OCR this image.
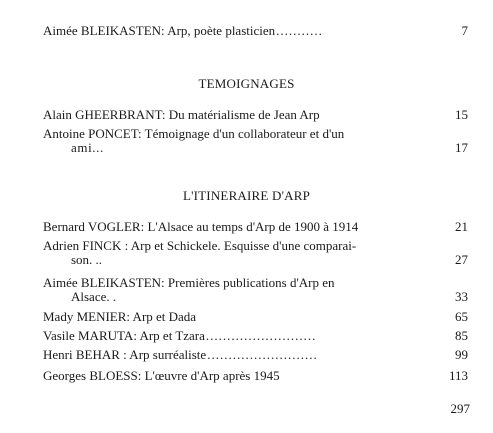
Aimée BLEIKASTEN: Arp, poète plasticien ...........	7
TEMOIGNAGES
Alain GHEERBRANT: Du matérialisme de Jean Arp	15
Antoine PONCET: Témoignage d'un collaborateur et d'un
ami...	17
L'ITINERAIRE D'ARP
Bernard VOGLER: L'Alsace au temps d'Arp de 1900 à 1914	21
Adrien FINCK : Arp et Schickele. Esquisse d'une comparai-
son. ..	27
Aimée BLEIKASTEN: Premières publications d'Arp en
Alsace. .	33
Mady MENIER: Arp et Dada	65
Vasile MARUTA: Arp et Tzara ..........................	85
Henri BEHAR : Arp surréaliste ..........................	99
Georges BLOESS: L'œuvre d'Arp après 1945	113
297
